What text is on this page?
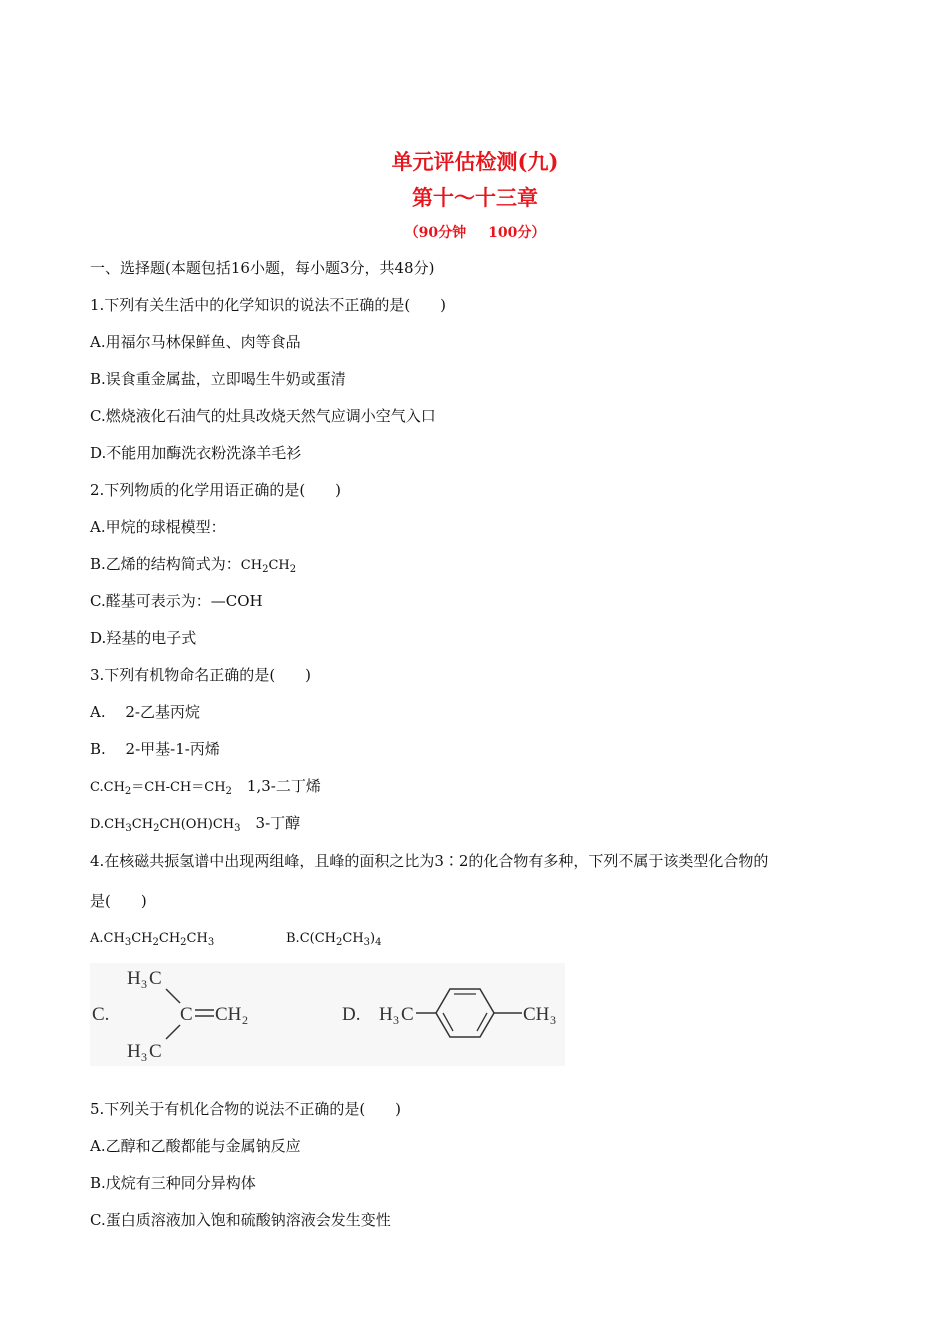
单元评估检测(九)
第十～十三章
（90分钟 100分）
一、选择题(本题包括16小题，每小题3分，共48分)
1.下列有关生活中的化学知识的说法不正确的是(　　)
A.用福尔马林保鲜鱼、肉等食品
B.误食重金属盐，立即喝生牛奶或蛋清
C.燃烧液化石油气的灶具改烧天然气应调小空气入口
D.不能用加酶洗衣粉洗涤羊毛衫
2.下列物质的化学用语正确的是(　　)
A.甲烷的球棍模型：
B.乙烯的结构简式为：$CH_2CH_2$
C.醛基可表示为：—COH
D.羟基的电子式
3.下列有机物命名正确的是(　　)
A.　 2-乙基丙烷
B.　 2-甲基-1-丙烯
$C.CH_2=CH-CH=CH_2$　 1,3-二丁烯
$D.CH_3CH_2CH(OH)CH_3$　 3-丁醇
4.在核磁共振氢谱中出现两组峰，且峰的面积之比为3∶2的化合物有多种，下列不属于该类型化合物的
是(　　)
$A.CH_3CH_2CH_2CH_3$	$B.C(CH_2CH_3)_4$
C.
H 3 C
C CH 2
H 3 C
D. H 3 C	CH 3
5.下列关于有机化合物的说法不正确的是(　　)
A.乙醇和乙酸都能与金属钠反应
B.戊烷有三种同分异构体
C.蛋白质溶液加入饱和硫酸钠溶液会发生变性
